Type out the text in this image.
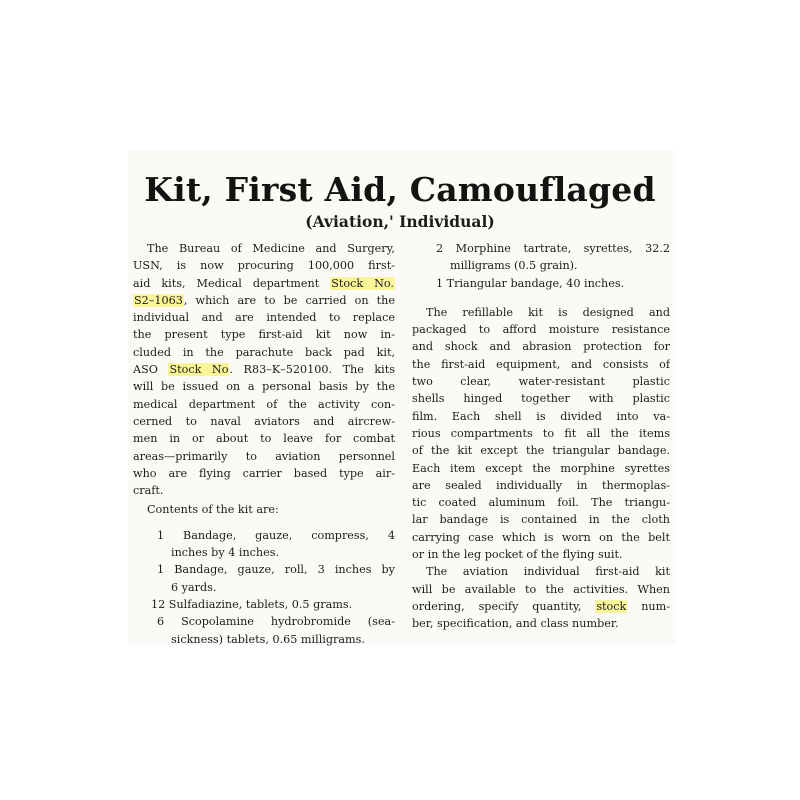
Kit, First Aid, Camouflaged
(Aviation,' Individual)
The Bureau of Medicine and Surgery,
USN, is now procuring 100,000 first-
aid kits, Medical department Stock No.
S2–1063, which are to be carried on the
individual and are intended to replace
the present type first-aid kit now in-
cluded in the parachute back pad kit,
ASO Stock No. R83–K–520100. The kits
will be issued on a personal basis by the
medical department of the activity con-
cerned to naval aviators and aircrew-
men in or about to leave for combat
areas—primarily to aviation personnel
who are flying carrier based type air-
craft.
Contents of the kit are:
1 Bandage, gauze, compress, 4
inches by 4 inches.
1 Bandage, gauze, roll, 3 inches by
6 yards.
12 Sulfadiazine, tablets, 0.5 grams.
6 Scopolamine hydrobromide (sea-
sickness) tablets, 0.65 milligrams.
2 Morphine tartrate, syrettes, 32.2
milligrams (0.5 grain).
1 Triangular bandage, 40 inches.
The refillable kit is designed and
packaged to afford moisture resistance
and shock and abrasion protection for
the first-aid equipment, and consists of
two clear, water-resistant plastic
shells hinged together with plastic
film. Each shell is divided into va-
rious compartments to fit all the items
of the kit except the triangular bandage.
Each item except the morphine syrettes
are sealed individually in thermoplas-
tic coated aluminum foil. The triangu-
lar bandage is contained in the cloth
carrying case which is worn on the belt
or in the leg pocket of the flying suit.
The aviation individual first-aid kit
will be available to the activities. When
ordering, specify quantity, stock num-
ber, specification, and class number.
